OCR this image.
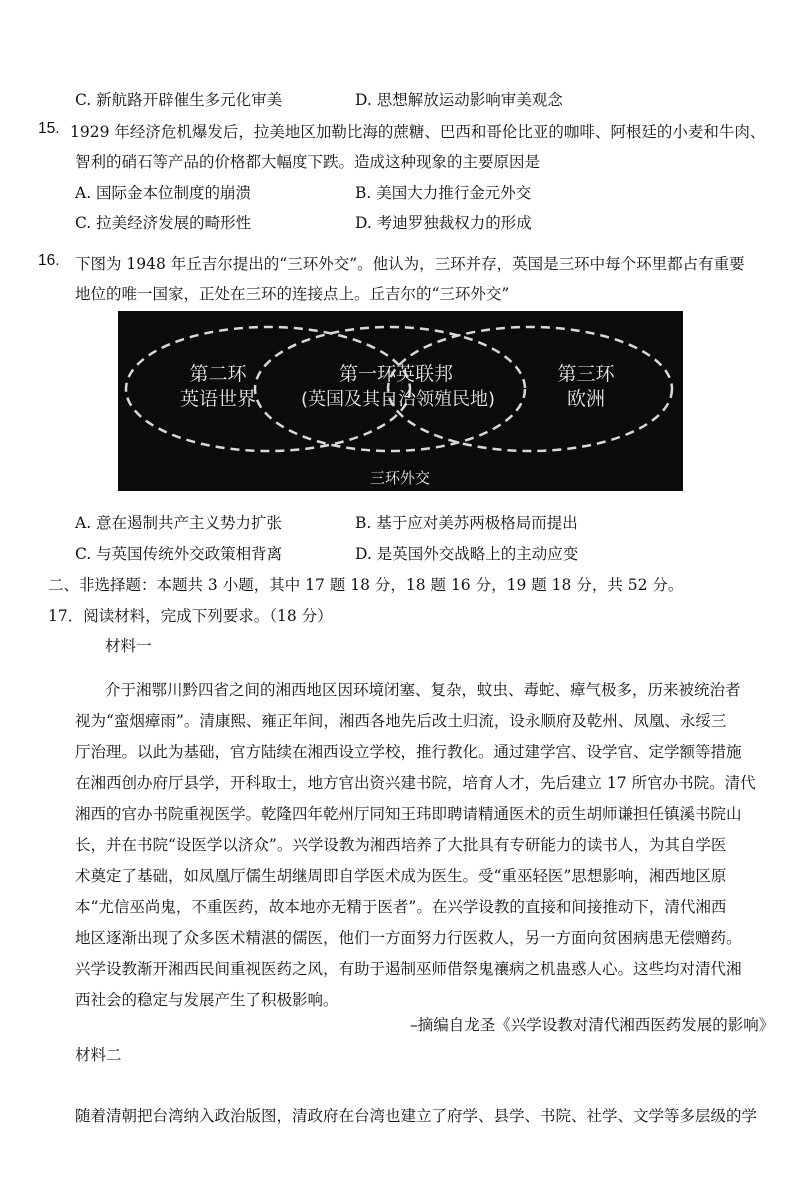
C. 新航路开辟催生多元化审美	D. 思想解放运动影响审美观念
15. 1929 年经济危机爆发后，拉美地区加勒比海的蔗糖、巴西和哥伦比亚的咖啡、阿根廷的小麦和牛肉、
智利的硝石等产品的价格都大幅度下跌。造成这种现象的主要原因是
A. 国际金本位制度的崩溃	B. 美国大力推行金元外交
C. 拉美经济发展的畸形性	D. 考迪罗独裁权力的形成
16. 下图为 1948 年丘吉尔提出的“三环外交”。他认为，三环并存，英国是三环中每个环里都占有重要
地位的唯一国家，正处在三环的连接点上。丘吉尔的“三环外交”
第二环
英语世界
第一环英联邦
(英国及其自治领殖民地)
第三环
欧洲
三环外交
A. 意在遏制共产主义势力扩张	B. 基于应对美苏两极格局而提出
C. 与英国传统外交政策相背离	D. 是英国外交战略上的主动应变
二、非选择题：本题共 3 小题，其中 17 题 18 分，18 题 16 分，19 题 18 分，共 52 分。
17．阅读材料，完成下列要求。（18 分）
材料一

介于湘鄂川黔四省之间的湘西地区因环境闭塞、复杂，蚊虫、毒蛇、瘴气极多，历来被统治者

视为“蛮烟瘴雨”。清康熙、雍正年间，湘西各地先后改土归流，设永顺府及乾州、凤凰、永绥三

厅治理。以此为基础，官方陆续在湘西设立学校，推行教化。通过建学宫、设学官、定学额等措施

在湘西创办府厅县学，开科取士，地方官出资兴建书院，培育人才，先后建立 17 所官办书院。清代

湘西的官办书院重视医学。乾隆四年乾州厅同知王玮即聘请精通医术的贡生胡师谦担任镇溪书院山

长，并在书院“设医学以济众”。兴学设教为湘西培养了大批具有专研能力的读书人，为其自学医

术奠定了基础，如凤凰厅儒生胡继周即自学医术成为医生。受“重巫轻医”思想影响，湘西地区原

本“尤信巫尚鬼，不重医药，故本地亦无精于医者”。在兴学设教的直接和间接推动下，清代湘西

地区逐渐出现了众多医术精湛的儒医，他们一方面努力行医救人，另一方面向贫困病患无偿赠药。

兴学设教渐开湘西民间重视医药之风，有助于遏制巫师借祭鬼禳病之机蛊惑人心。这些均对清代湘

西社会的稳定与发展产生了积极影响。

–摘编自龙圣《兴学设教对清代湘西医药发展的影响》
材料二
随着清朝把台湾纳入政治版图，清政府在台湾也建立了府学、县学、书院、社学、文学等多层级的学
